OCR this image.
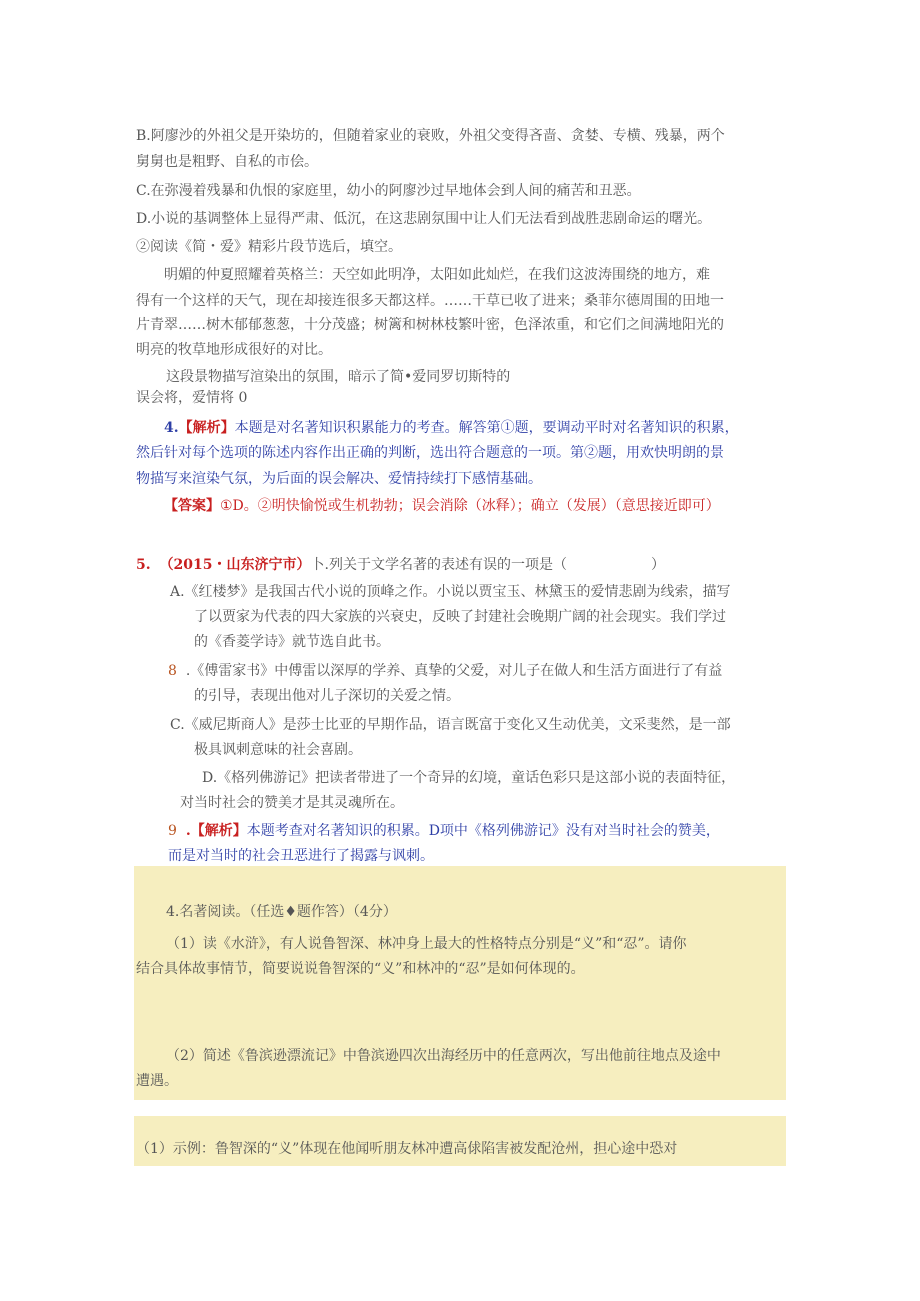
B.阿廖沙的外祖父是开染坊的，但随着家业的衰败，外祖父变得吝啬、贪婪、专横、残暴，两个
舅舅也是粗野、自私的市侩。
C.在弥漫着残暴和仇恨的家庭里，幼小的阿廖沙过早地体会到人间的痛苦和丑恶。
D.小说的基调整体上显得严肃、低沉，在这悲剧氛围中让人们无法看到战胜悲剧命运的曙光。
②阅读《简・爱》精彩片段节选后，填空。
明媚的仲夏照耀着英格兰：天空如此明净，太阳如此灿烂，在我们这波涛围绕的地方，难
得有一个这样的天气，现在却接连很多天都这样。……干草已收了进来；桑菲尔德周围的田地一
片青翠……树木郁郁葱葱，十分茂盛；树篱和树林枝繁叶密，色泽浓重，和它们之间满地阳光的
明亮的牧草地形成很好的对比。
这段景物描写渲染出的氛围，暗示了简•爱同罗切斯特的
误会将，爱情将 0
4.【解析】本题是对名著知识积累能力的考查。解答第①题，要调动平时对名著知识的积累，
然后针对每个选项的陈述内容作出正确的判断，选出符合题意的一项。第②题，用欢快明朗的景
物描写来渲染气氛，为后面的误会解决、爱情持续打下感情基础。
【答案】①D。②明快愉悦或生机勃勃；误会消除（冰释）；确立（发展）（意思接近即可）
5. （2015・山东济宁市）卜.列关于文学名著的表述有误的一项是（	）
A.《红楼梦》是我国古代小说的顶峰之作。小说以贾宝玉、林黛玉的爱情悲剧为线索，描写
了以贾家为代表的四大家族的兴衰史，反映了封建社会晚期广阔的社会现实。我们学过
的《香菱学诗》就节选自此书。
8 .《傅雷家书》中傅雷以深厚的学养、真挚的父爱，对儿子在做人和生活方面进行了有益
的引导，表现出他对儿子深切的关爱之情。
C.《威尼斯商人》是莎士比亚的早期作品，语言既富于变化又生动优美，文采斐然，是一部
极具讽刺意味的社会喜剧。
D.《格列佛游记》把读者带进了一个奇异的幻境，童话色彩只是这部小说的表面特征，
对当时社会的赞美才是其灵魂所在。
9 .【解析】本题考查对名著知识的积累。D项中《格列佛游记》没有对当时社会的赞美，
而是对当时的社会丑恶进行了揭露与讽刺。
4.名著阅读。（任选♦题作答）（4分）
（1）读《水浒》，有人说鲁智深、林冲身上最大的性格特点分别是“义”和“忍”。请你
结合具体故事情节，简要说说鲁智深的“义”和林冲的“忍”是如何体现的。
（2）简述《鲁滨逊漂流记》中鲁滨逊四次出海经历中的任意两次，写出他前往地点及途中
遭遇。
（1）示例：鲁智深的“义”体现在他闻听朋友林冲遭高俅陷害被发配沧州，担心途中恐对
